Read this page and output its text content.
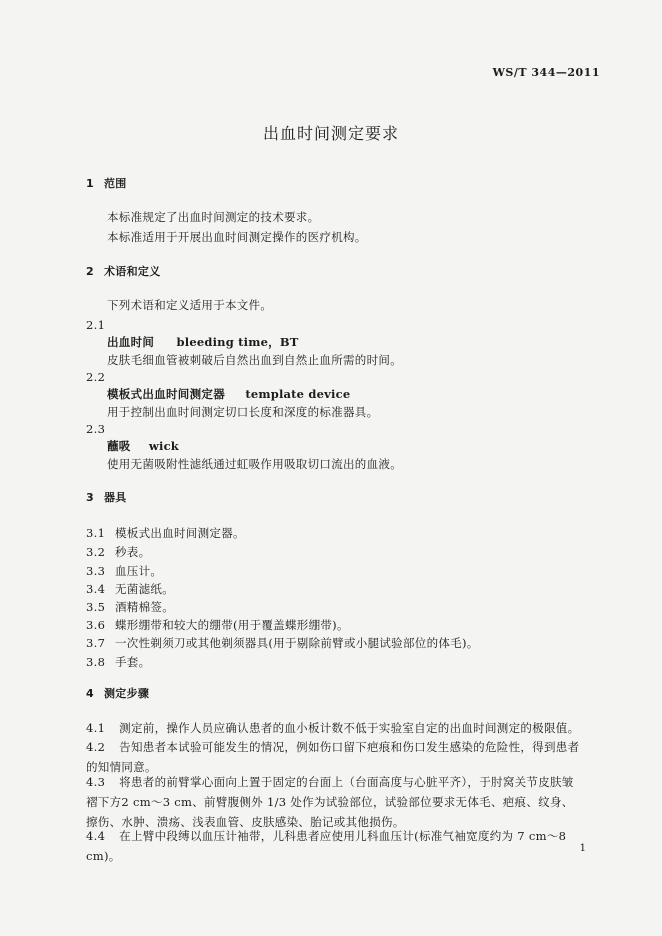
WS/T 344—2011
出血时间测定要求
1 范围
本标准规定了出血时间测定的技术要求。
本标准适用于开展出血时间测定操作的医疗机构。
2 术语和定义
下列术语和定义适用于本文件。
2.1
出血时间 bleeding time，BT
皮肤毛细血管被刺破后自然出血到自然止血所需的时间。
2.2
模板式出血时间测定器 template device
用于控制出血时间测定切口长度和深度的标准器具。
2.3
蘸吸 wick
使用无菌吸附性滤纸通过虹吸作用吸取切口流出的血液。
3 器具
3.1 模板式出血时间测定器。
3.2 秒表。
3.3 血压计。
3.4 无菌滤纸。
3.5 酒精棉签。
3.6 蝶形绷带和较大的绷带(用于覆盖蝶形绷带)。
3.7 一次性剃须刀或其他剃须器具(用于剔除前臂或小腿试验部位的体毛)。
3.8 手套。
4 测定步骤
4.1 测定前，操作人员应确认患者的血小板计数不低于实验室自定的出血时间测定的极限值。
4.2 告知患者本试验可能发生的情况，例如伤口留下疤痕和伤口发生感染的危险性，得到患者的知情同意。
4.3 将患者的前臂掌心面向上置于固定的台面上（台面高度与心脏平齐），于肘窝关节皮肤皱褶下方2 cm～3 cm、前臂腹侧外 1/3 处作为试验部位，试验部位要求无体毛、疤痕、纹身、擦伤、水肿、溃疡、浅表血管、皮肤感染、胎记或其他损伤。
4.4 在上臂中段缚以血压计袖带，儿科患者应使用儿科血压计(标准气袖宽度约为 7 cm～8 cm)。
1
